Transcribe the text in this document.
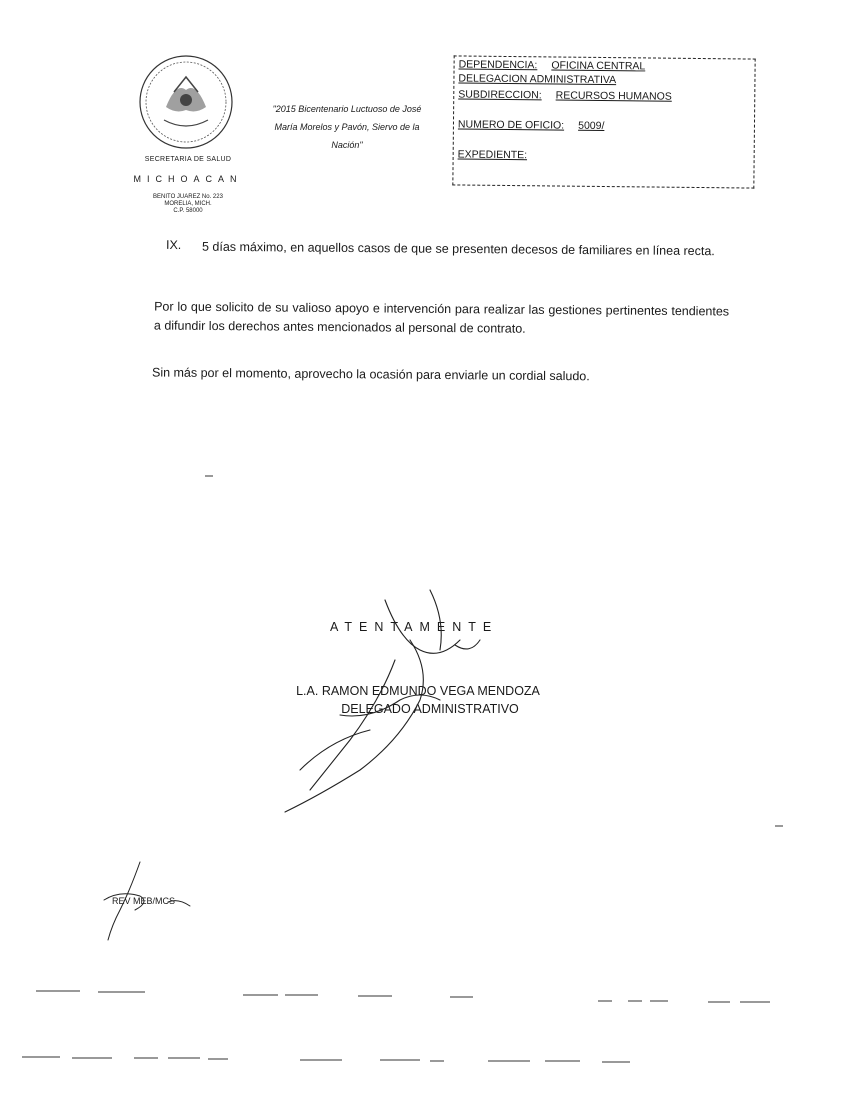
SECRETARIA DE SALUD
MICHOACAN
BENITO JUAREZ No. 223
MORELIA, MICH.
C.P. 58000
"2015 Bicentenario Luctuoso de José María Morelos y Pavón, Siervo de la Nación"
DEPENDENCIA: OFICINA CENTRAL
DELEGACION ADMINISTRATIVA
SUBDIRECCION: RECURSOS HUMANOS
NUMERO DE OFICIO: 5009/
EXPEDIENTE:
IX. 5 días máximo, en aquellos casos de que se presenten decesos de familiares en línea recta.
Por lo que solicito de su valioso apoyo e intervención para realizar las gestiones pertinentes tendientes a difundir los derechos antes mencionados al personal de contrato.
Sin más por el momento, aprovecho la ocasión para enviarle un cordial saludo.
ATENTAMENTE
L.A. RAMON EDMUNDO VEGA MENDOZA
DELEGADO ADMINISTRATIVO
REV MEB/MCS
